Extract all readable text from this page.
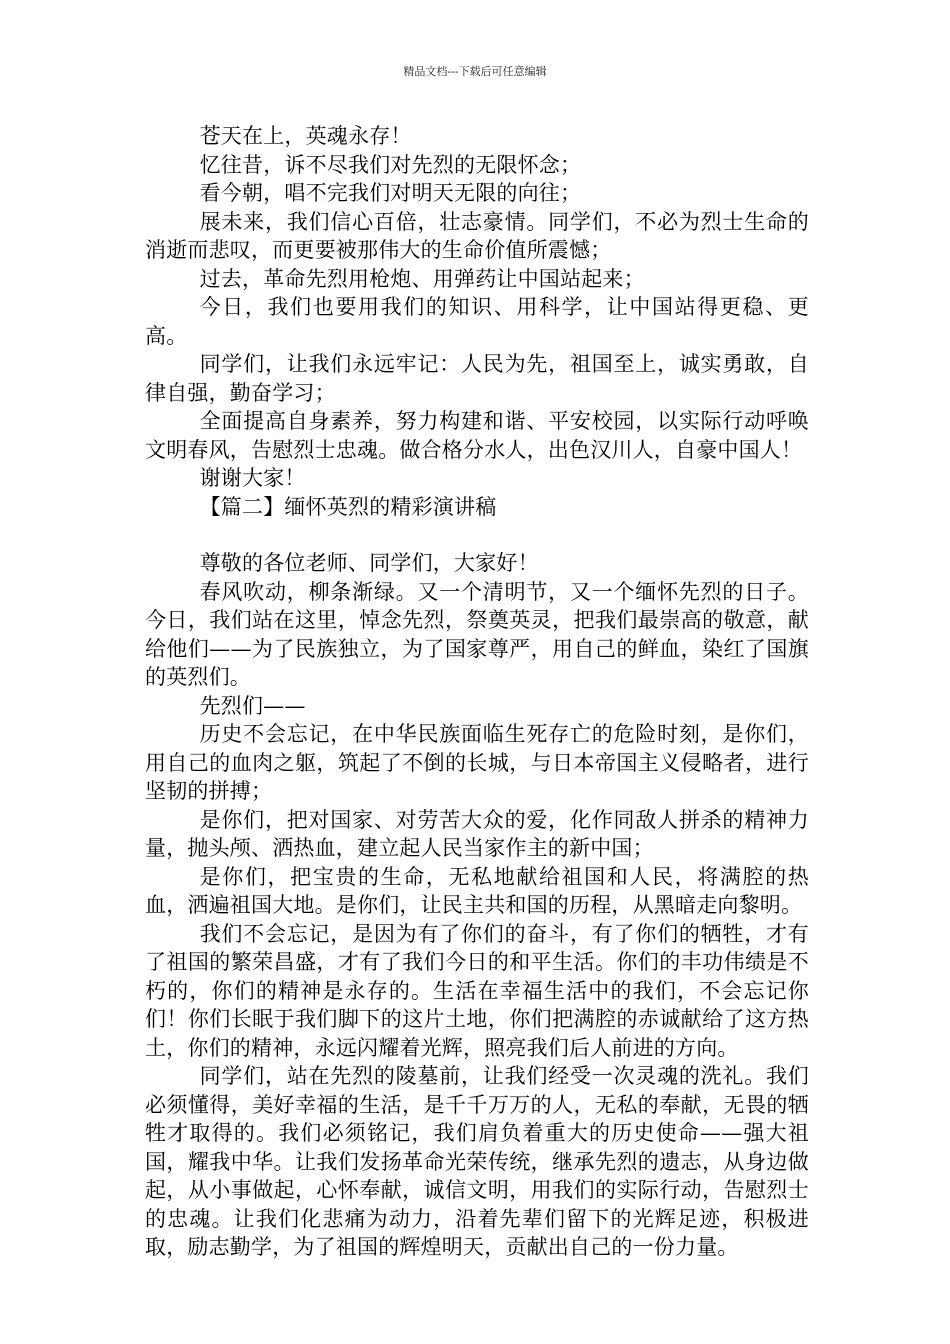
精品文档---下载后可任意编辑

苍天在上，英魂永存！

忆往昔，诉不尽我们对先烈的无限怀念；

看今朝，唱不完我们对明天无限的向往；

展未来，我们信心百倍，壮志豪情。同学们，不必为烈士生命的消逝而悲叹，而更要被那伟大的生命价值所震憾；

过去，革命先烈用枪炮、用弹药让中国站起来；

今日，我们也要用我们的知识、用科学，让中国站得更稳、更高。

同学们，让我们永远牢记：人民为先，祖国至上，诚实勇敢，自律自强，勤奋学习；

全面提高自身素养，努力构建和谐、平安校园，以实际行动呼唤文明春风，告慰烈士忠魂。做合格分水人，出色汉川人，自豪中国人！

谢谢大家！

【篇二】缅怀英烈的精彩演讲稿

尊敬的各位老师、同学们，大家好！

春风吹动，柳条渐绿。又一个清明节，又一个缅怀先烈的日子。今日，我们站在这里，悼念先烈，祭奠英灵，把我们最崇高的敬意，献给他们——为了民族独立，为了国家尊严，用自己的鲜血，染红了国旗的英烈们。

先烈们——

历史不会忘记，在中华民族面临生死存亡的危险时刻，是你们，用自己的血肉之躯，筑起了不倒的长城，与日本帝国主义侵略者，进行坚韧的拼搏；

是你们，把对国家、对劳苦大众的爱，化作同敌人拼杀的精神力量，抛头颅、洒热血，建立起人民当家作主的新中国；

是你们，把宝贵的生命，无私地献给祖国和人民，将满腔的热血，洒遍祖国大地。是你们，让民主共和国的历程，从黑暗走向黎明。

我们不会忘记，是因为有了你们的奋斗，有了你们的牺牲，才有了祖国的繁荣昌盛，才有了我们今日的和平生活。你们的丰功伟绩是不朽的，你们的精神是永存的。生活在幸福生活中的我们，不会忘记你们！你们长眠于我们脚下的这片土地，你们把满腔的赤诚献给了这方热土，你们的精神，永远闪耀着光辉，照亮我们后人前进的方向。

同学们，站在先烈的陵墓前，让我们经受一次灵魂的洗礼。我们必须懂得，美好幸福的生活，是千千万万的人，无私的奉献，无畏的牺牲才取得的。我们必须铭记，我们肩负着重大的历史使命——强大祖国，耀我中华。让我们发扬革命光荣传统，继承先烈的遗志，从身边做起，从小事做起，心怀奉献，诚信文明，用我们的实际行动，告慰烈士的忠魂。让我们化悲痛为动力，沿着先辈们留下的光辉足迹，积极进取，励志勤学，为了祖国的辉煌明天，贡献出自己的一份力量。
